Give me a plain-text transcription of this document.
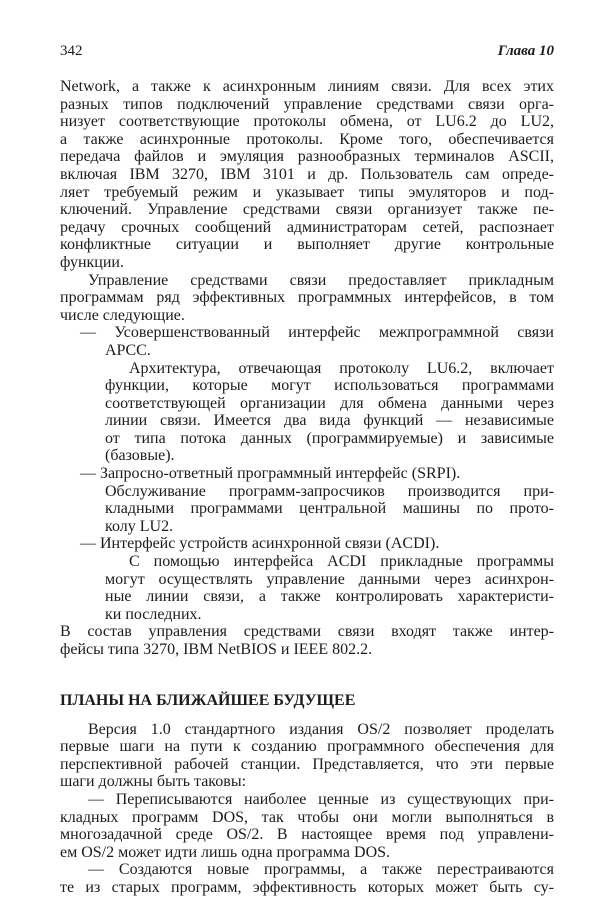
342	Глава 10
Network, а также к асинхронным линиям связи. Для всех этих
разных типов подключений управление средствами связи орга-
низует соответствующие протоколы обмена, от LU6.2 до LU2,
а также асинхронные протоколы. Кроме того, обеспечивается
передача файлов и эмуляция разнообразных терминалов ASCII,
включая IBM 3270, IBM 3101 и др. Пользователь сам опреде-
ляет требуемый режим и указывает типы эмуляторов и под-
ключений. Управление средствами связи организует также пе-
редачу срочных сообщений администраторам сетей, распознает
конфликтные ситуации и выполняет другие контрольные
функции.
Управление средствами связи предоставляет прикладным
программам ряд эффективных программных интерфейсов, в том
числе следующие.
— Усовершенствованный интерфейс межпрограммной связи
APCC.
Архитектура, отвечающая протоколу LU6.2, включает
функции, которые могут использоваться программами
соответствующей организации для обмена данными через
линии связи. Имеется два вида функций — независимые
от типа потока данных (программируемые) и зависимые
(базовые).
— Запросно-ответный программный интерфейс (SRPI).
Обслуживание программ-запросчиков производится при-
кладными программами центральной машины по прото-
колу LU2.
— Интерфейс устройств асинхронной связи (ACDI).
С помощью интерфейса ACDI прикладные программы
могут осуществлять управление данными через асинхрон-
ные линии связи, а также контролировать характеристи-
ки последних.
В состав управления средствами связи входят также интер-
фейсы типа 3270, IBM NetBIOS и IEEE 802.2.
ПЛАНЫ НА БЛИЖАЙШЕЕ БУДУЩЕЕ
Версия 1.0 стандартного издания OS/2 позволяет проделать
первые шаги на пути к созданию программного обеспечения для
перспективной рабочей станции. Представляется, что эти первые
шаги должны быть таковы:
— Переписываются наиболее ценные из существующих при-
кладных программ DOS, так чтобы они могли выполняться в
многозадачной среде OS/2. В настоящее время под управлени-
ем OS/2 может идти лишь одна программа DOS.
— Создаются новые программы, а также перестраиваются
те из старых программ, эффективность которых может быть су-
